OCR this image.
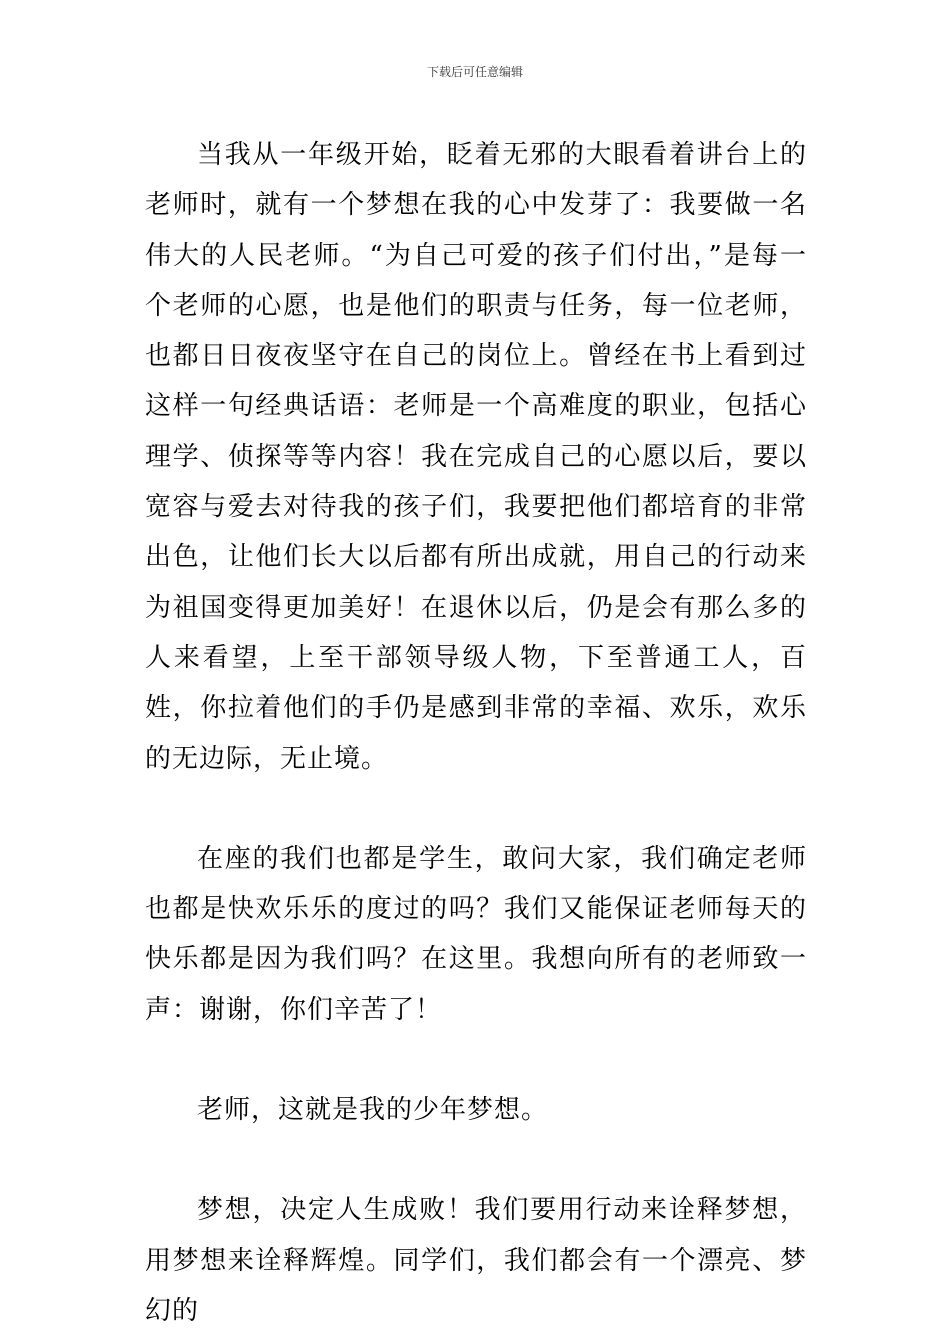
下载后可任意编辑

当我从一年级开始，眨着无邪的大眼看着讲台上的老师时，就有一个梦想在我的心中发芽了：我要做一名伟大的人民老师。“为自己可爱的孩子们付出，”是每一个老师的心愿，也是他们的职责与任务，每一位老师，也都日日夜夜坚守在自己的岗位上。曾经在书上看到过这样一句经典话语：老师是一个高难度的职业，包括心理学、侦探等等内容！我在完成自己的心愿以后，要以宽容与爱去对待我的孩子们，我要把他们都培育的非常出色，让他们长大以后都有所出成就，用自己的行动来为祖国变得更加美好！在退休以后，仍是会有那么多的人来看望，上至干部领导级人物，下至普通工人，百姓，你拉着他们的手仍是感到非常的幸福、欢乐，欢乐的无边际，无止境。

在座的我们也都是学生，敢问大家，我们确定老师也都是快欢乐乐的度过的吗？我们又能保证老师每天的快乐都是因为我们吗？在这里。我想向所有的老师致一声：谢谢，你们辛苦了！

老师，这就是我的少年梦想。

梦想，决定人生成败！我们要用行动来诠释梦想，用梦想来诠释辉煌。同学们，我们都会有一个漂亮、梦幻的
